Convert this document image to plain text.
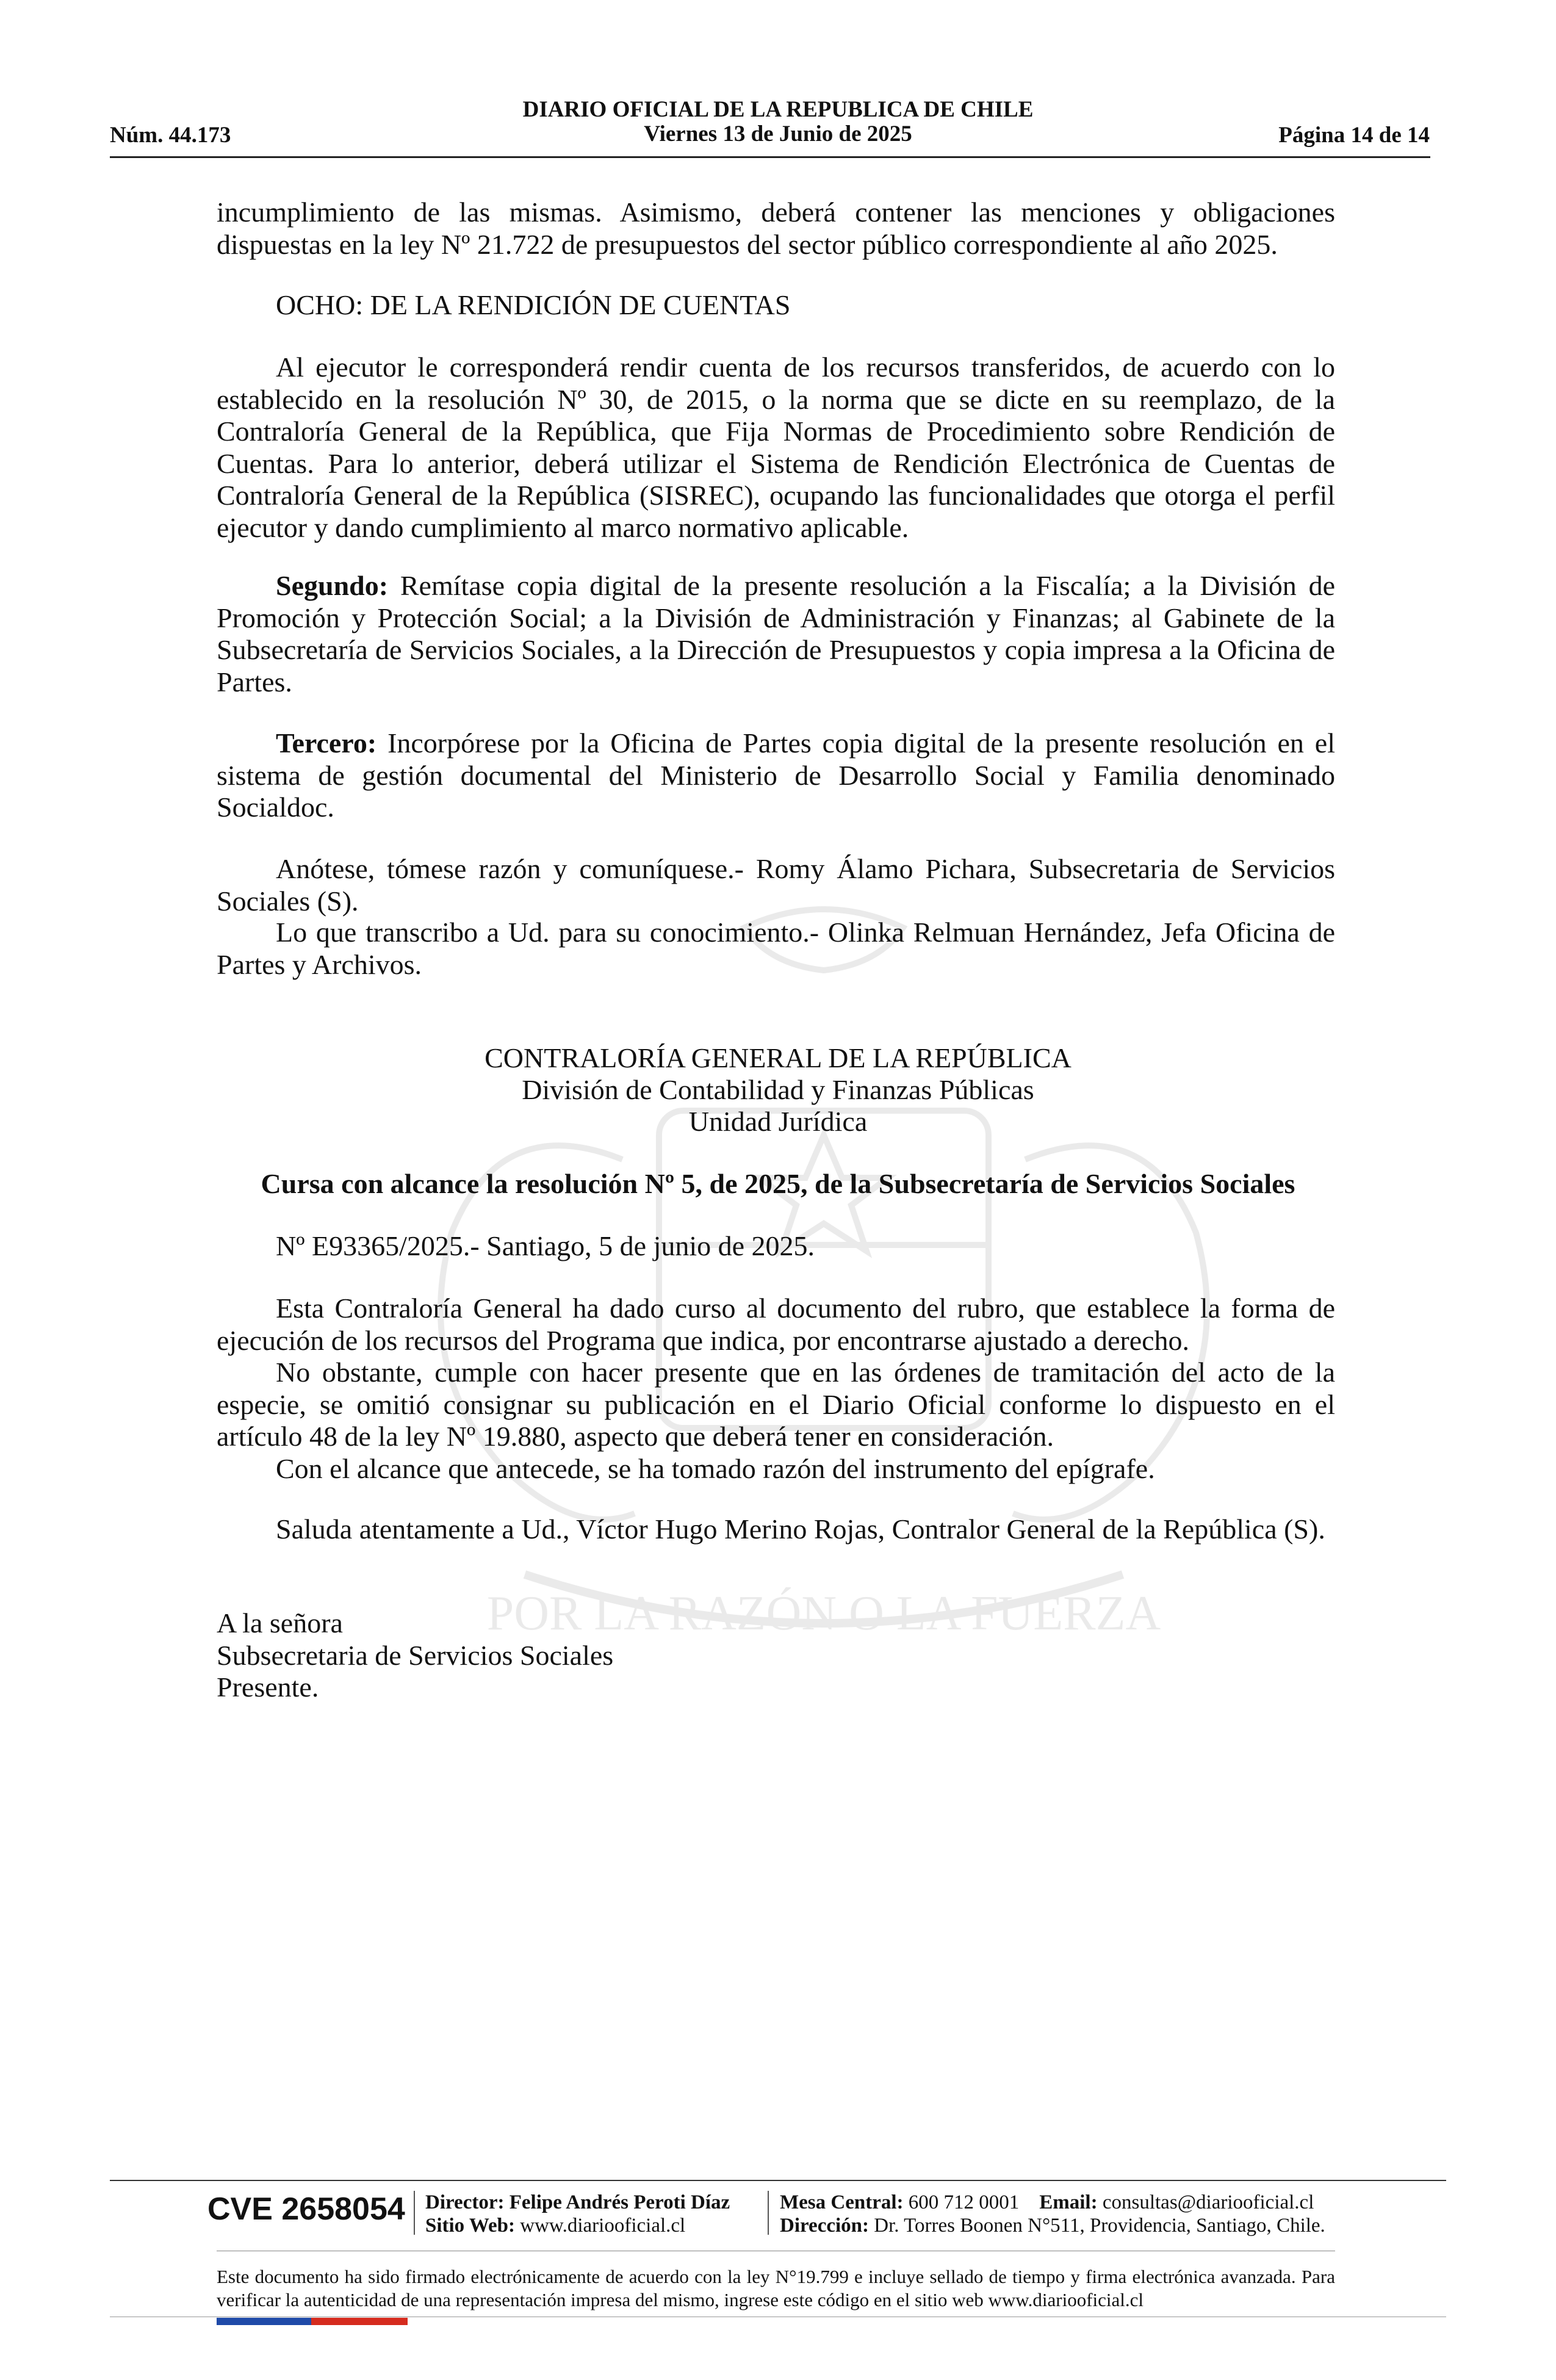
POR LA RAZÓN O LA FUERZA
DIARIO OFICIAL DE LA REPUBLICA DE CHILE
Núm. 44.173	Viernes 13 de Junio de 2025	Página 14 de 14

incumplimiento de las mismas. Asimismo, deberá contener las menciones y obligaciones dispuestas en la ley Nº 21.722 de presupuestos del sector público correspondiente al año 2025.

OCHO: DE LA RENDICIÓN DE CUENTAS

Al ejecutor le corresponderá rendir cuenta de los recursos transferidos, de acuerdo con lo establecido en la resolución Nº 30, de 2015, o la norma que se dicte en su reemplazo, de la Contraloría General de la República, que Fija Normas de Procedimiento sobre Rendición de Cuentas. Para lo anterior, deberá utilizar el Sistema de Rendición Electrónica de Cuentas de Contraloría General de la República (SISREC), ocupando las funcionalidades que otorga el perfil ejecutor y dando cumplimiento al marco normativo aplicable.

Segundo: Remítase copia digital de la presente resolución a la Fiscalía; a la División de Promoción y Protección Social; a la División de Administración y Finanzas; al Gabinete de la Subsecretaría de Servicios Sociales, a la Dirección de Presupuestos y copia impresa a la Oficina de Partes.

Tercero: Incorpórese por la Oficina de Partes copia digital de la presente resolución en el sistema de gestión documental del Ministerio de Desarrollo Social y Familia denominado Socialdoc.

Anótese, tómese razón y comuníquese.- Romy Álamo Pichara, Subsecretaria de Servicios Sociales (S).

Lo que transcribo a Ud. para su conocimiento.- Olinka Relmuan Hernández, Jefa Oficina de Partes y Archivos.

CONTRALORÍA GENERAL DE LA REPÚBLICA
División de Contabilidad y Finanzas Públicas
Unidad Jurídica
Cursa con alcance la resolución Nº 5, de 2025, de la Subsecretaría de Servicios Sociales

Nº E93365/2025.- Santiago, 5 de junio de 2025.

Esta Contraloría General ha dado curso al documento del rubro, que establece la forma de ejecución de los recursos del Programa que indica, por encontrarse ajustado a derecho.

No obstante, cumple con hacer presente que en las órdenes de tramitación del acto de la especie, se omitió consignar su publicación en el Diario Oficial conforme lo dispuesto en el artículo 48 de la ley Nº 19.880, aspecto que deberá tener en consideración.

Con el alcance que antecede, se ha tomado razón del instrumento del epígrafe.

Saluda atentamente a Ud., Víctor Hugo Merino Rojas, Contralor General de la República (S).

A la señora
Subsecretaria de Servicios Sociales
Presente.
CVE 2658054 Director: Felipe Andrés Peroti Díaz
Sitio Web: www.diariooficial.cl
Mesa Central: 600 712 0001 Email: consultas@diariooficial.cl
Dirección: Dr. Torres Boonen N°511, Providencia, Santiago, Chile.
Este documento ha sido firmado electrónicamente de acuerdo con la ley N°19.799 e incluye sellado de tiempo y firma electrónica avanzada. Para verificar la autenticidad de una representación impresa del mismo, ingrese este código en el sitio web www.diariooficial.cl
